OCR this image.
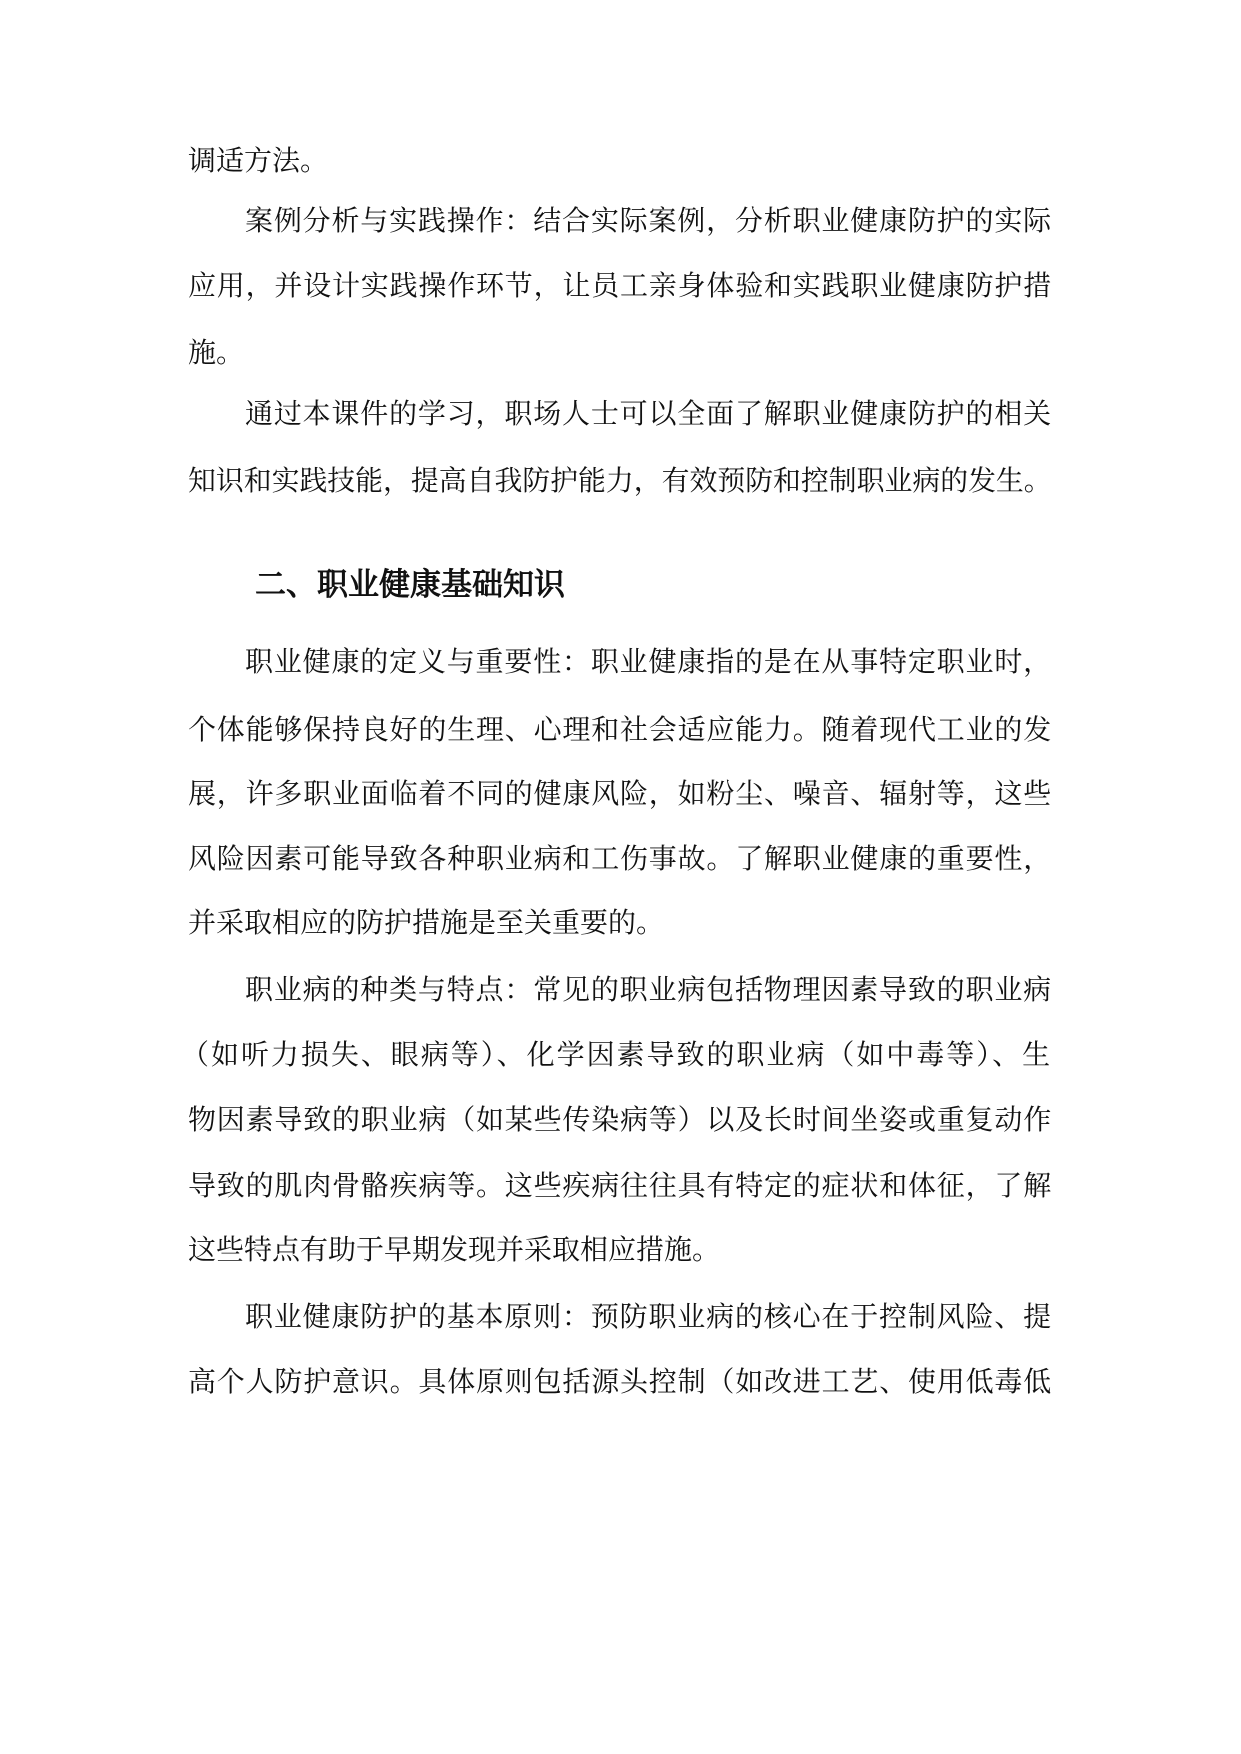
调适方法。
案例分析与实践操作：结合实际案例，分析职业健康防护的实际
应用，并设计实践操作环节，让员工亲身体验和实践职业健康防护措
施。
通过本课件的学习，职场人士可以全面了解职业健康防护的相关
知识和实践技能，提高自我防护能力，有效预防和控制职业病的发生。
二、职业健康基础知识
职业健康的定义与重要性：职业健康指的是在从事特定职业时，
个体能够保持良好的生理、心理和社会适应能力。随着现代工业的发
展，许多职业面临着不同的健康风险，如粉尘、噪音、辐射等，这些
风险因素可能导致各种职业病和工伤事故。了解职业健康的重要性，
并采取相应的防护措施是至关重要的。
职业病的种类与特点：常见的职业病包括物理因素导致的职业病
（如听力损失、眼病等）、化学因素导致的职业病（如中毒等）、生
物因素导致的职业病（如某些传染病等）以及长时间坐姿或重复动作
导致的肌肉骨骼疾病等。这些疾病往往具有特定的症状和体征，了解
这些特点有助于早期发现并采取相应措施。
职业健康防护的基本原则：预防职业病的核心在于控制风险、提
高个人防护意识。具体原则包括源头控制（如改进工艺、使用低毒低
